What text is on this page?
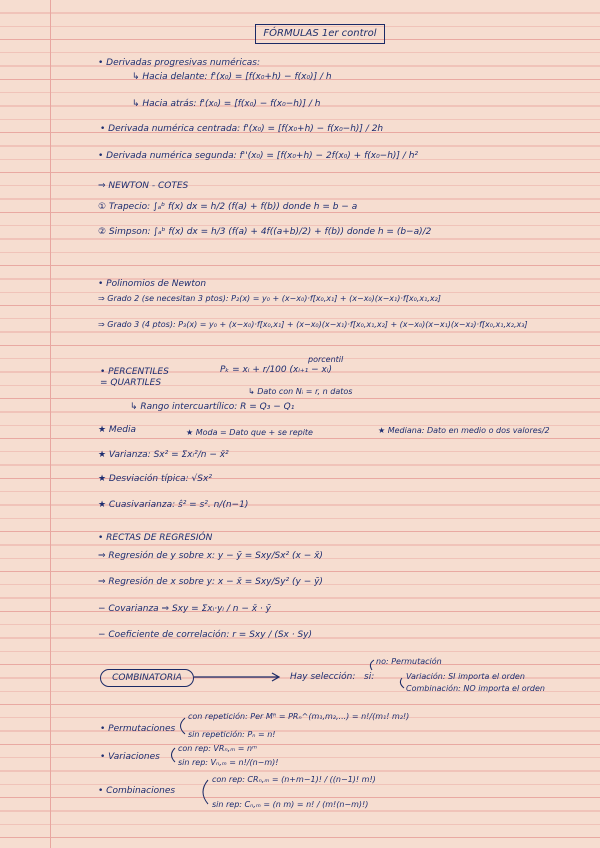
FÓRMULAS 1er control
• Derivadas progresivas numéricas:
↳ Hacia delante: f'(x₀) = [f(x₀+h) − f(x₀)] / h
↳ Hacia atrás: f'(x₀) = [f(x₀) − f(x₀−h)] / h
• Derivada numérica centrada: f'(x₀) = [f(x₀+h) − f(x₀−h)] / 2h
• Derivada numérica segunda: f''(x₀) = [f(x₀+h) − 2f(x₀) + f(x₀−h)] / h²
⇒ NEWTON - COTES
① Trapecio: ∫ₐᵇ f(x) dx = h/2 (f(a) + f(b)) donde h = b − a
② Simpson: ∫ₐᵇ f(x) dx = h/3 (f(a) + 4f((a+b)/2) + f(b)) donde h = (b−a)/2
• Polinomios de Newton
⇒ Grado 2 (se necesitan 3 ptos): P₂(x) = y₀ + (x−x₀)·f[x₀,x₁] + (x−x₀)(x−x₁)·f[x₀,x₁,x₂]
⇒ Grado 3 (4 ptos): P₃(x) = y₀ + (x−x₀)·f[x₀,x₁] + (x−x₀)(x−x₁)·f[x₀,x₁,x₂] + (x−x₀)(x−x₁)(x−x₂)·f[x₀,x₁,x₂,x₃]
porcentil
• PERCENTILES = QUARTILES
Pₖ = xᵢ + r/100 (xᵢ₊₁ − xᵢ)
↳ Dato con Nᵢ = r, n datos
↳ Rango intercuartílico: R = Q₃ − Q₁
★ Media	★ Moda = Dato que + se repite	★ Mediana: Dato en medio o dos valores/2
★ Varianza: Sx² = Σxᵢ²/n − x̄²
★ Desviación típica: √Sx²
★ Cuasivarianza: ŝ² = s². n/(n−1)
• RECTAS DE REGRESIÓN
⇒ Regresión de y sobre x: y − ȳ = Sxy/Sx² (x − x̄)
⇒ Regresión de x sobre y: x − x̄ = Sxy/Sy² (y − ȳ)
− Covarianza ⇒ Sxy = Σxᵢ·yᵢ / n − x̄ · ȳ
− Coeficiente de correlación: r = Sxy / (Sx · Sy)
COMBINATORIA	Hay selección:
no: Permutación
si:	Variación: SI importa el orden
Combinación: NO importa el orden
• Permutaciones
con repetición: Per Mᴿ = PRₙ^(m₁,m₂,...) = n!/(m₁! m₂!)
sin repetición: Pₙ = n!
• Variaciones
con rep: VRₙ,ₘ = nᵐ
sin rep: Vₙ,ₘ = n!/(n−m)!
• Combinaciones
con rep: CRₙ,ₘ = (n+m−1)! / ((n−1)! m!)
sin rep: Cₙ,ₘ = (n m) = n! / (m!(n−m)!)
